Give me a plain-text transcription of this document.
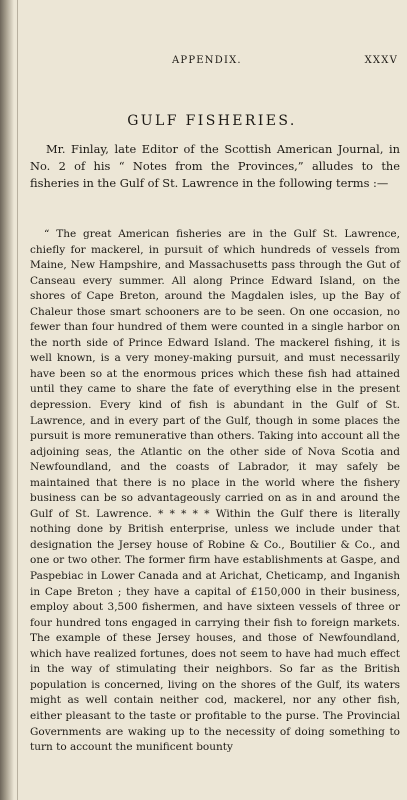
APPENDIX.	XXXV
GULF FISHERIES.

Mr. Finlay, late Editor of the Scottish American Journal, in No. 2 of his “ Notes from the Provinces,” alludes to the fisheries in the Gulf of St. Lawrence in the following terms :—

“ The great American fisheries are in the Gulf St. Lawrence, chiefly for mackerel, in pursuit of which hundreds of vessels from Maine, New Hampshire, and Massachusetts pass through the Gut of Canseau every summer. All along Prince Edward Island, on the shores of Cape Breton, around the Magdalen isles, up the Bay of Chaleur those smart schooners are to be seen. On one occasion, no fewer than four hundred of them were counted in a single harbor on the north side of Prince Edward Island. The mackerel fishing, it is well known, is a very money-making pursuit, and must necessarily have been so at the enormous prices which these fish had attained until they came to share the fate of everything else in the present depression. Every kind of fish is abundant in the Gulf of St. Lawrence, and in every part of the Gulf, though in some places the pursuit is more remunerative than others. Taking into account all the adjoining seas, the Atlantic on the other side of Nova Scotia and Newfoundland, and the coasts of Labrador, it may safely be maintained that there is no place in the world where the fishery business can be so advantageously carried on as in and around the Gulf of St. Lawrence. * * * * * Within the Gulf there is literally nothing done by British enterprise, unless we include under that designation the Jersey house of Robine & Co., Boutilier & Co., and one or two other. The former firm have establishments at Gaspe, and Paspebiac in Lower Canada and at Arichat, Cheticamp, and Inganish in Cape Breton ; they have a capital of £150,000 in their business, employ about 3,500 fishermen, and have sixteen vessels of three or four hundred tons engaged in carrying their fish to foreign markets. The example of these Jersey houses, and those of Newfoundland, which have realized fortunes, does not seem to have had much effect in the way of stimulating their neighbors. So far as the British population is concerned, living on the shores of the Gulf, its waters might as well contain neither cod, mackerel, nor any other fish, either pleasant to the taste or profitable to the purse. The Provincial Governments are waking up to the necessity of doing something to turn to account the munificent bounty
